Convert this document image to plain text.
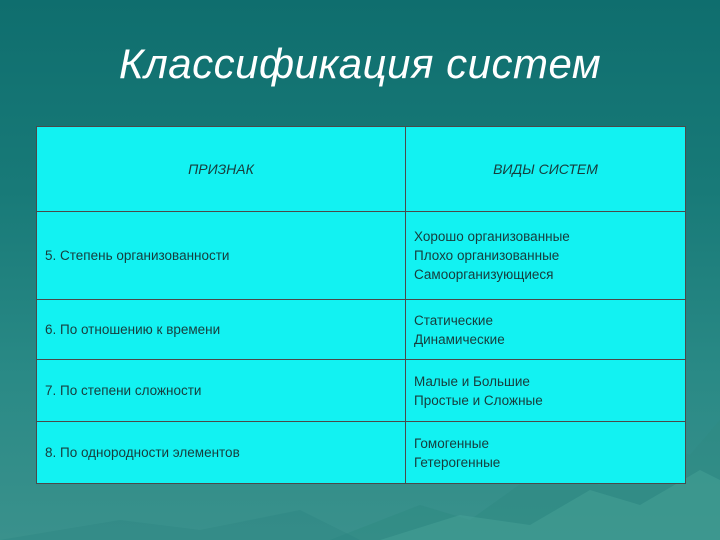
Классификация систем
ПРИЗНАК	ВИДЫ СИСТЕМ
5. Степень организованности	Хорошо организованные
Плохо организованные
Самоорганизующиеся

6. По отношению к времени	Статические
Динамические

7. По степени сложности	Малые и Большие
Простые и Сложные

8. По однородности элементов	Гомогенные
Гетерогенные
